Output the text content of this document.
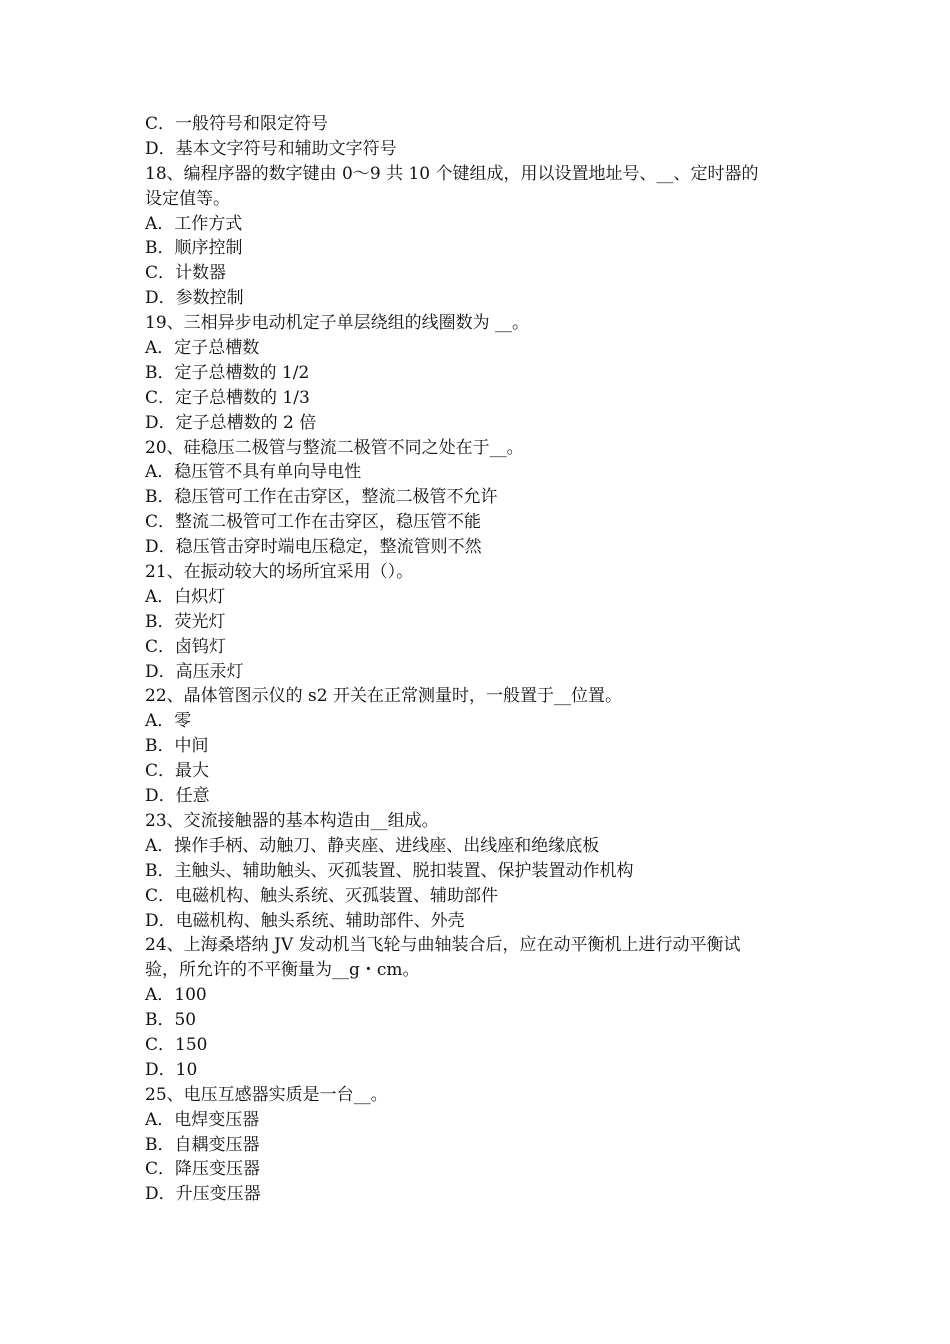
C．一般符号和限定符号
D．基本文字符号和辅助文字符号
18、编程序器的数字键由 0～9 共 10 个键组成，用以设置地址号、__、定时器的
设定值等。
A．工作方式
B．顺序控制
C．计数器
D．参数控制
19、三相异步电动机定子单层绕组的线圈数为 __。
A．定子总槽数
B．定子总槽数的 1/2
C．定子总槽数的 1/3
D．定子总槽数的 2 倍
20、硅稳压二极管与整流二极管不同之处在于__。
A．稳压管不具有单向导电性
B．稳压管可工作在击穿区，整流二极管不允许
C．整流二极管可工作在击穿区，稳压管不能
D．稳压管击穿时端电压稳定，整流管则不然
21、在振动较大的场所宜采用（）。
A．白炽灯
B．荧光灯
C．卤钨灯
D．高压汞灯
22、晶体管图示仪的 s2 开关在正常测量时，一般置于__位置。
A．零
B．中间
C．最大
D．任意
23、交流接触器的基本构造由__组成。
A．操作手柄、动触刀、静夹座、进线座、出线座和绝缘底板
B．主触头、辅助触头、灭孤装置、脱扣装置、保护装置动作机构
C．电磁机构、触头系统、灭孤装置、辅助部件
D．电磁机构、触头系统、辅助部件、外壳
24、上海桑塔纳 JV 发动机当飞轮与曲轴装合后，应在动平衡机上进行动平衡试
验，所允许的不平衡量为__g・cm。
A．100
B．50
C．150
D．10
25、电压互感器实质是一台__。
A．电焊变压器
B．自耦变压器
C．降压变压器
D．升压变压器
